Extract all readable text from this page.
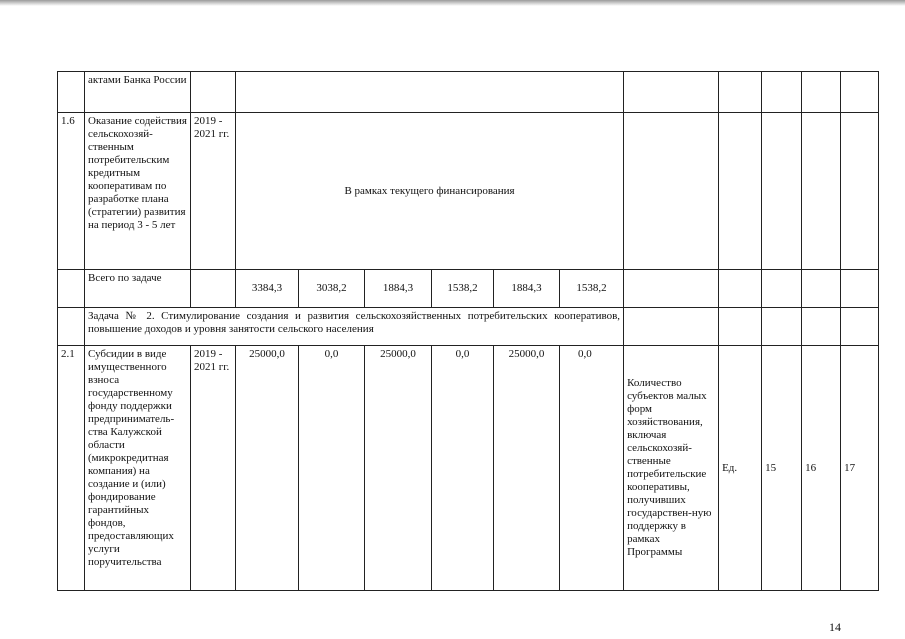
	актами Банка России												
1.6	Оказание содействия сельскохозяй-ственным потребительским кредитным кооперативам по разработке плана (стратегии) развития на период 3 - 5 лет	2019 - 2021 гг.	В рамках текущего финансирования										
	Всего по задаче		3384,3	3038,2	1884,3	1538,2	1884,3	1538,2					
	Задача № 2. Стимулирование создания и развития сельскохозяйственных потребительских кооперативов, повышение доходов и уровня занятости сельского населения												
2.1	Субсидии в виде имущественного взноса государственному фонду поддержки предприниматель-ства Калужской области (микрокредитная компания) на создание и (или) фондирование гарантийных фондов, предоставляющих услуги поручительства	2019 - 2021 гг.	25000,0	0,0	25000,0	0,0	25000,0	0,0	Количество субъектов малых форм хозяйствования, включая сельскохозяй-ственные потребительские кооперативы, получивших государствен-ную поддержку в рамках Программы	Ед.	15	16	17
14
